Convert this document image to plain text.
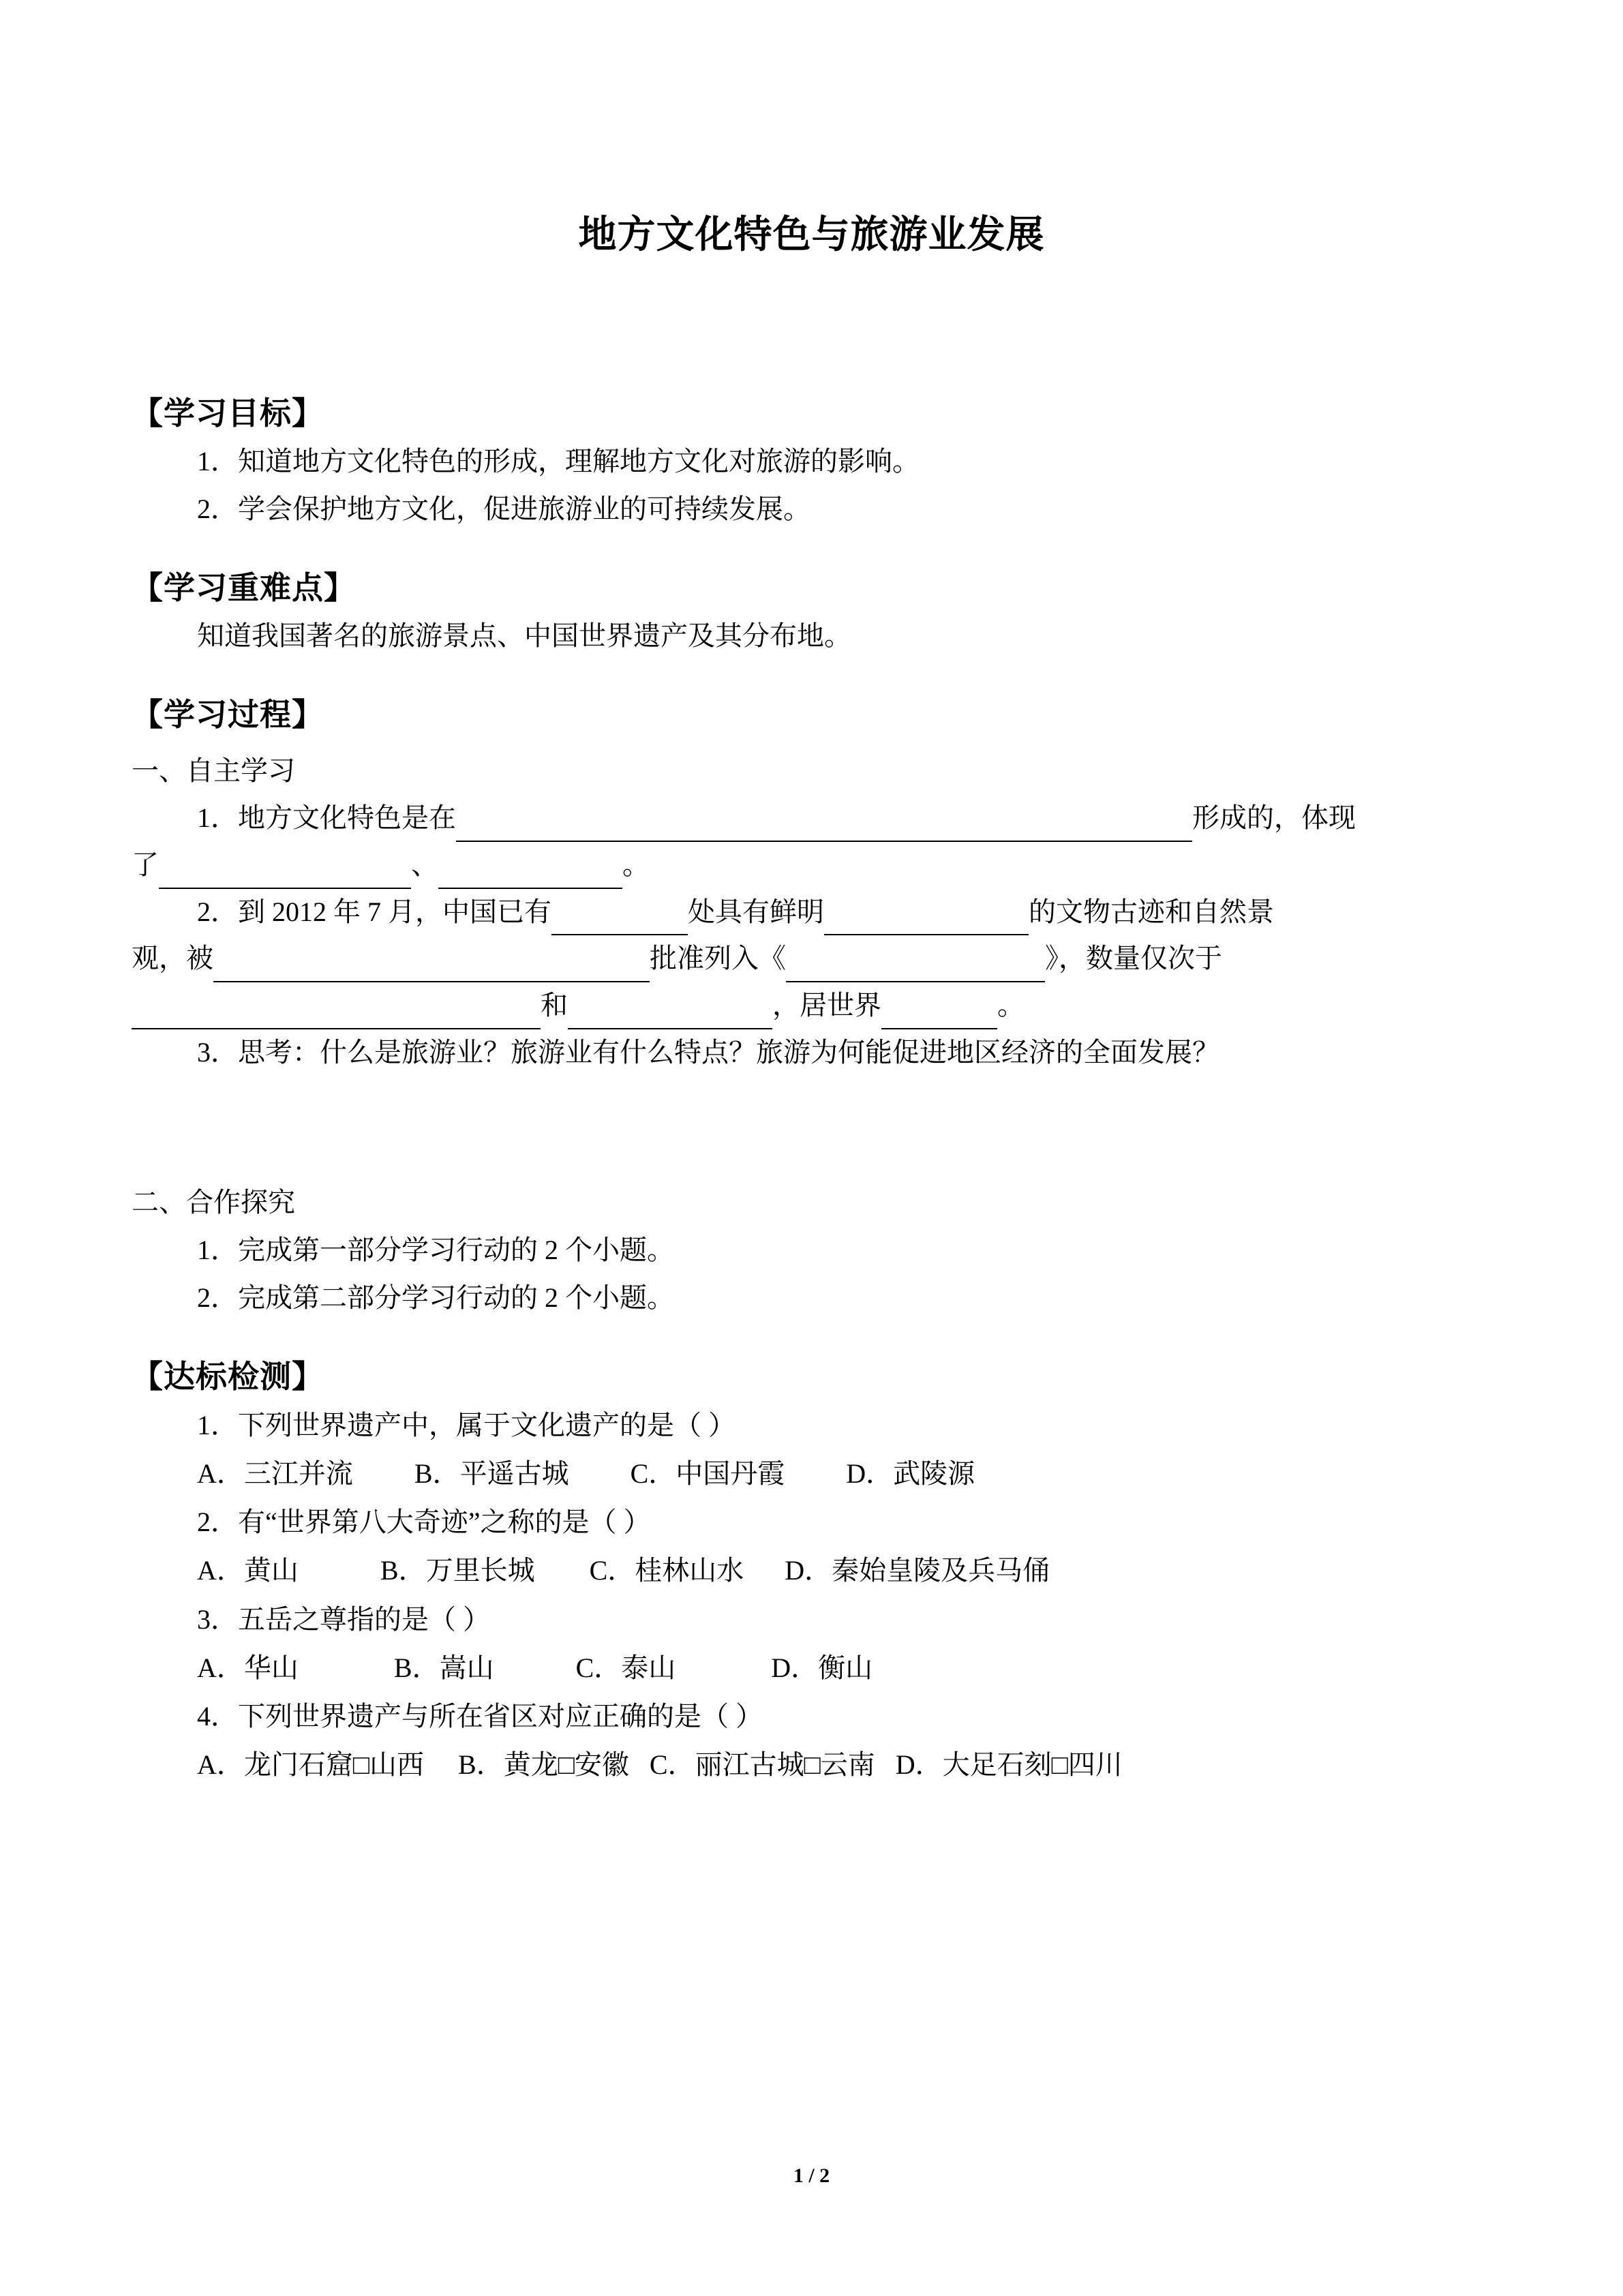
地方文化特色与旅游业发展
【学习目标】

1．知道地方文化特色的形成，理解地方文化对旅游的影响。

2．学会保护地方文化，促进旅游业的可持续发展。

【学习重难点】

知道我国著名的旅游景点、中国世界遗产及其分布地。

【学习过程】

一、自主学习

1．地方文化特色是在	形成的，体现

了	、	。

2．到 2012 年 7 月，中国已有	处具有鲜明	的文物古迹和自然景

观，被	批准列入《	》，数量仅次于

和	，居世界	。

3．思考：什么是旅游业？旅游业有什么特点？旅游为何能促进地区经济的全面发展？

二、合作探究

1．完成第一部分学习行动的 2 个小题。

2．完成第二部分学习行动的 2 个小题。

【达标检测】

1．下列世界遗产中，属于文化遗产的是（ ）

A．三江并流         B．平遥古城         C．中国丹霞         D．武陵源

2．有“世界第八大奇迹”之称的是（ ）

A．黄山            B．万里长城        C．桂林山水      D．秦始皇陵及兵马俑

3．五岳之尊指的是（ ）

A．华山              B．嵩山            C．泰山              D．衡山

4．下列世界遗产与所在省区对应正确的是（ ）

A．龙门石窟□山西     B．黄龙□安徽   C．丽江古城□云南   D．大足石刻□四川

1 / 2
